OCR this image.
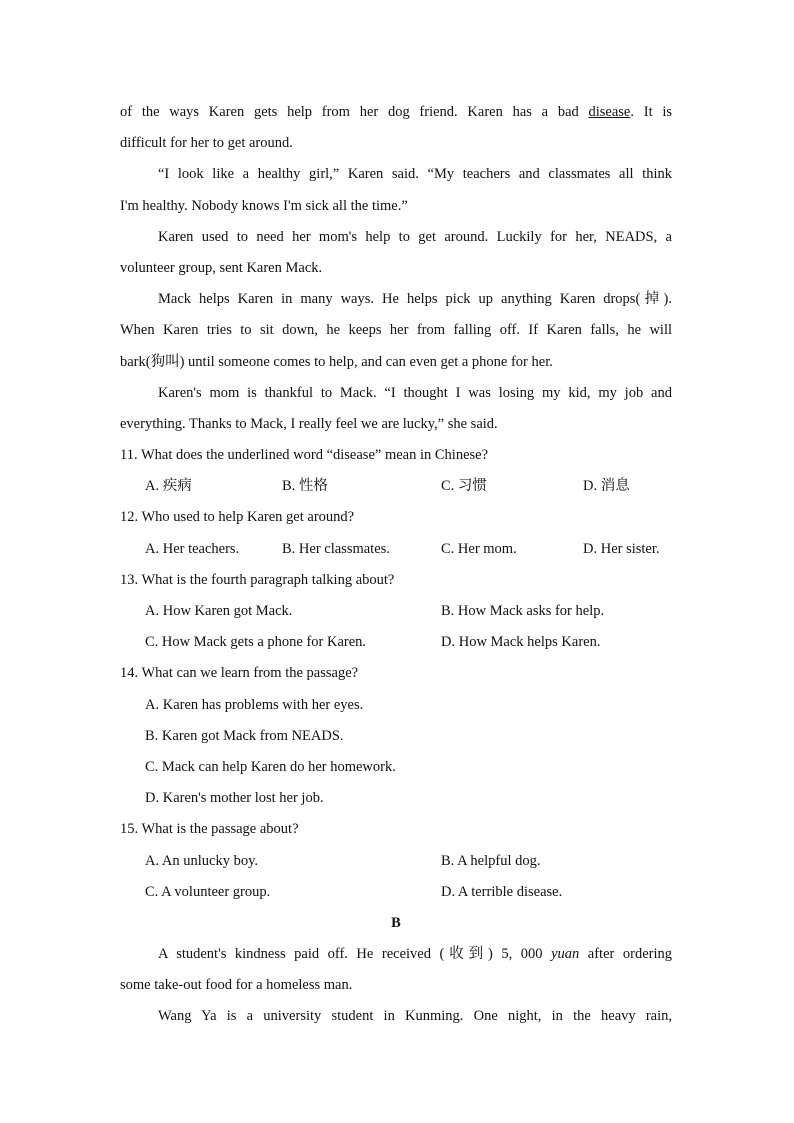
of the ways Karen gets help from her dog friend. Karen has a bad disease. It is
difficult for her to get around.
“I look like a healthy girl,” Karen said. “My teachers and classmates all think
I'm healthy. Nobody knows I'm sick all the time.”
Karen used to need her mom's help to get around. Luckily for her, NEADS, a
volunteer group, sent Karen Mack.
Mack helps Karen in many ways. He helps pick up anything Karen drops(掉).
When Karen tries to sit down, he keeps her from falling off. If Karen falls, he will
bark(狗叫) until someone comes to help, and can even get a phone for her.
Karen's mom is thankful to Mack. “I thought I was losing my kid, my job and
everything. Thanks to Mack, I really feel we are lucky,” she said.
11. What does the underlined word “disease” mean in Chinese?
A. 疾病	B. 性格	C. 习惯	D. 消息
12. Who used to help Karen get around?
A. Her teachers.	B. Her classmates.	C. Her mom.	D. Her sister.
13. What is the fourth paragraph talking about?
A. How Karen got Mack.	B. How Mack asks for help.
C. How Mack gets a phone for Karen.	D. How Mack helps Karen.
14. What can we learn from the passage?
A. Karen has problems with her eyes.
B. Karen got Mack from NEADS.
C. Mack can help Karen do her homework.
D. Karen's mother lost her job.
15. What is the passage about?
A. An unlucky boy.	B. A helpful dog.
C. A volunteer group.	D. A terrible disease.
B
A student's kindness paid off. He received (收到) 5, 000 yuan after ordering
some take-out food for a homeless man.
Wang Ya is a university student in Kunming. One night, in the heavy rain,
